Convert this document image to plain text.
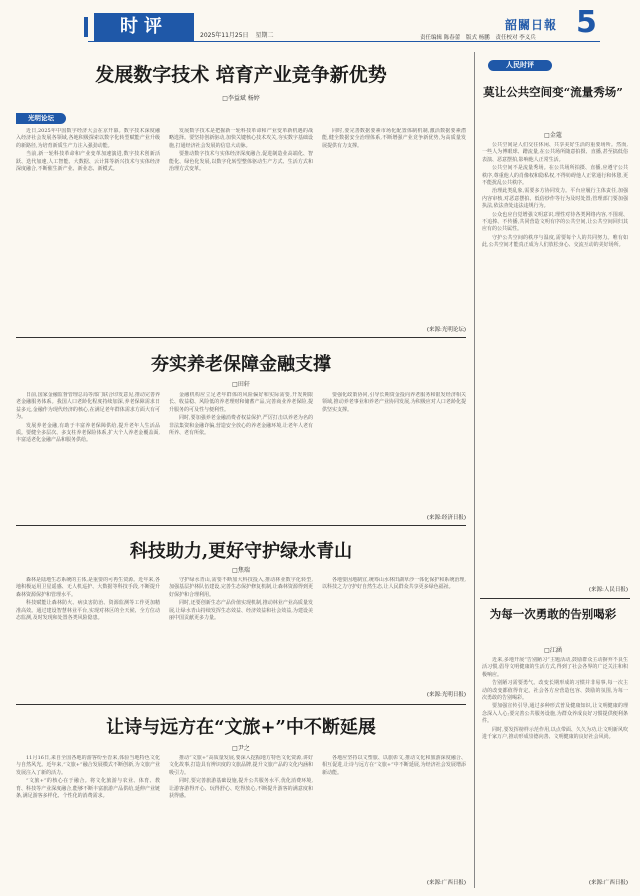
时评	2025年11月25日 星期二	责任编辑 陈春蕾 版式 杨鹏 责任校对 李义兵
韶關日報 5
发展数字技术 培育产业竞争新优势
□李益斌 杨婷
光明论坛

近日,2025年中国数字经济大会在京开幕。数字技术深度融入经济社会发展各领域,各地积极探索以数字化转型赋能产业升级的新路径,为培育新质生产力注入强劲动能。

当前,新一轮科技革命和产业变革加速演进,数字技术创新活跃、迭代加速,人工智能、大数据、云计算等新兴技术与实体经济深度融合,不断催生新产业、新业态、新模式。

发展数字技术是把握新一轮科技革命和产业变革新机遇的战略选择。要坚持创新驱动,加快关键核心技术攻关,夯实数字基础设施,打通经济社会发展的信息大动脉。

要推动数字技术与实体经济深度融合,促进制造业高端化、智能化、绿色化发展,以数字化转型整体驱动生产方式、生活方式和治理方式变革。

同时,要完善数据要素市场化配置体制机制,激活数据要素潜能,健全数据安全治理体系,不断增强产业竞争新优势,为高质量发展提供有力支撑。

(来源:光明论坛)
夯实养老保障金融支撑
□田轩

日前,国家金融监督管理总局等部门联合印发意见,推动完善养老金融服务体系。我国人口老龄化程度持续加深,养老保障需求日益多元,金融作为现代经济的核心,在满足老年群体需求方面大有可为。

发展养老金融,有助于丰富养老保障供给,提升老年人生活品质。要健全多层次、多支柱养老保险体系,扩大个人养老金覆盖面,丰富适老化金融产品和服务供给。

金融机构应立足老年群体的风险偏好和实际需要,开发期限长、收益稳、风险低的养老理财和储蓄产品,完善商业养老保险,提升服务的可及性与便利性。

同时,要加强养老金融消费者权益保护,严厉打击以养老为名的非法集资和金融诈骗,营造安全放心的养老金融环境,让老年人老有所养、老有所依。

要强化政策协同,引导长期资金投向养老服务和银发经济相关领域,推动养老事业和养老产业协同发展,为积极应对人口老龄化提供坚实支撑。

(来源:经济日报)
科技助力,更好守护绿水青山
□焦瑞

森林是陆地生态系统的主体,是重要的可再生资源。近年来,各地积极运用卫星遥感、无人机巡护、大数据等科技手段,不断提升森林资源保护和管理水平。

科技赋能让森林防火、病虫害防治、资源监测等工作更加精准高效。通过建设智慧林业平台,实现对林区的全天候、全方位动态监测,及时发现和处置各类风险隐患。

守护绿水青山,需要不断加大科技投入,推动林业数字化转型,加强基层护林队伍建设,完善生态保护修复机制,让森林资源得到更好保护和合理利用。

同时,还要创新生态产品价值实现机制,推动林业产业高质量发展,让绿水青山持续发挥生态效益、经济效益和社会效益,为建设美丽中国贡献更多力量。

各地要因地制宜,统筹山水林田湖草沙一体化保护和系统治理,以科技之力守护好自然生态,让人民群众共享更多绿色福祉。

(来源:光明日报)
让诗与远方在“文旅+”中不断延展
□尹之

11月16日,来自全国各地的游客纷至沓来,体验当地特色文化与自然风光。近年来,“文旅+”融合发展模式不断创新,为文旅产业发展注入了新的活力。

“文旅+”的核心在于融合。将文化旅游与农业、体育、教育、科技等产业深度融合,能够不断丰富旅游产品供给,延伸产业链条,满足游客多样化、个性化的消费需求。

推动“文旅+”高质量发展,要深入挖掘地方特色文化资源,讲好文化故事,打造具有辨识度的文旅品牌,提升文旅产品的文化内涵和吸引力。

同时,要完善旅游基础设施,提升公共服务水平,优化消费环境,让游客游得开心、玩得舒心、吃得放心,不断提升游客的满意度和获得感。

各地应坚持以文塑旅、以旅彰文,推动文化和旅游深度融合、相互促进,让诗与远方在“文旅+”中不断延展,为经济社会发展增添新动能。

(来源:广西日报)
人民时评
莫让公共空间变“流量秀场”
□金蔻

公共空间是人们交往休闲、共享美好生活的重要场所。然而,一些人为博眼球、蹭流量,在公共场所随意拍摄、直播,甚至搞低俗表演、恶意摆拍,影响他人正常生活。

公共空间不是流量秀场。在公共场所拍摄、直播,应遵守公共秩序,尊重他人的肖像权和隐私权,不得妨碍他人正常通行和休憩,更不能扰乱公共秩序。

治理此类乱象,需要多方协同发力。平台应履行主体责任,加强内容审核,对恶意摆拍、低俗炒作等行为及时处置;管理部门要加强执法,依法查处违法违规行为。

公众也应自觉增强文明意识,理性对待各类网络内容,不围观、不追捧、不传播,共同营造文明有序的公共空间,让公共空间回归其应有的公共属性。

守护公共空间的秩序与温度,需要每个人的共同努力。唯有如此,公共空间才能真正成为人们放松身心、交流互动的美好场所。

(来源:人民日报)
为每一次勇敢的告别喝彩
□江涵

近来,多地开展“告别陋习”主题活动,鼓励群众主动摒弃不良生活习惯,倡导文明健康的生活方式,得到了社会各界的广泛关注和积极响应。

告别陋习需要勇气。改变长期形成的习惯并非易事,每一次主动的改变都值得肯定。社会各方应营造包容、鼓励的氛围,为每一次勇敢的告别喝彩。

要加强宣传引导,通过多种形式普及健康知识,让文明健康的理念深入人心;要完善公共服务设施,为群众养成良好习惯提供便利条件。

同时,要发挥榜样示范作用,以点带面、久久为功,让文明新风吹进千家万户,推动形成崇德向善、文明健康的良好社会风尚。

(来源:广西日报)
